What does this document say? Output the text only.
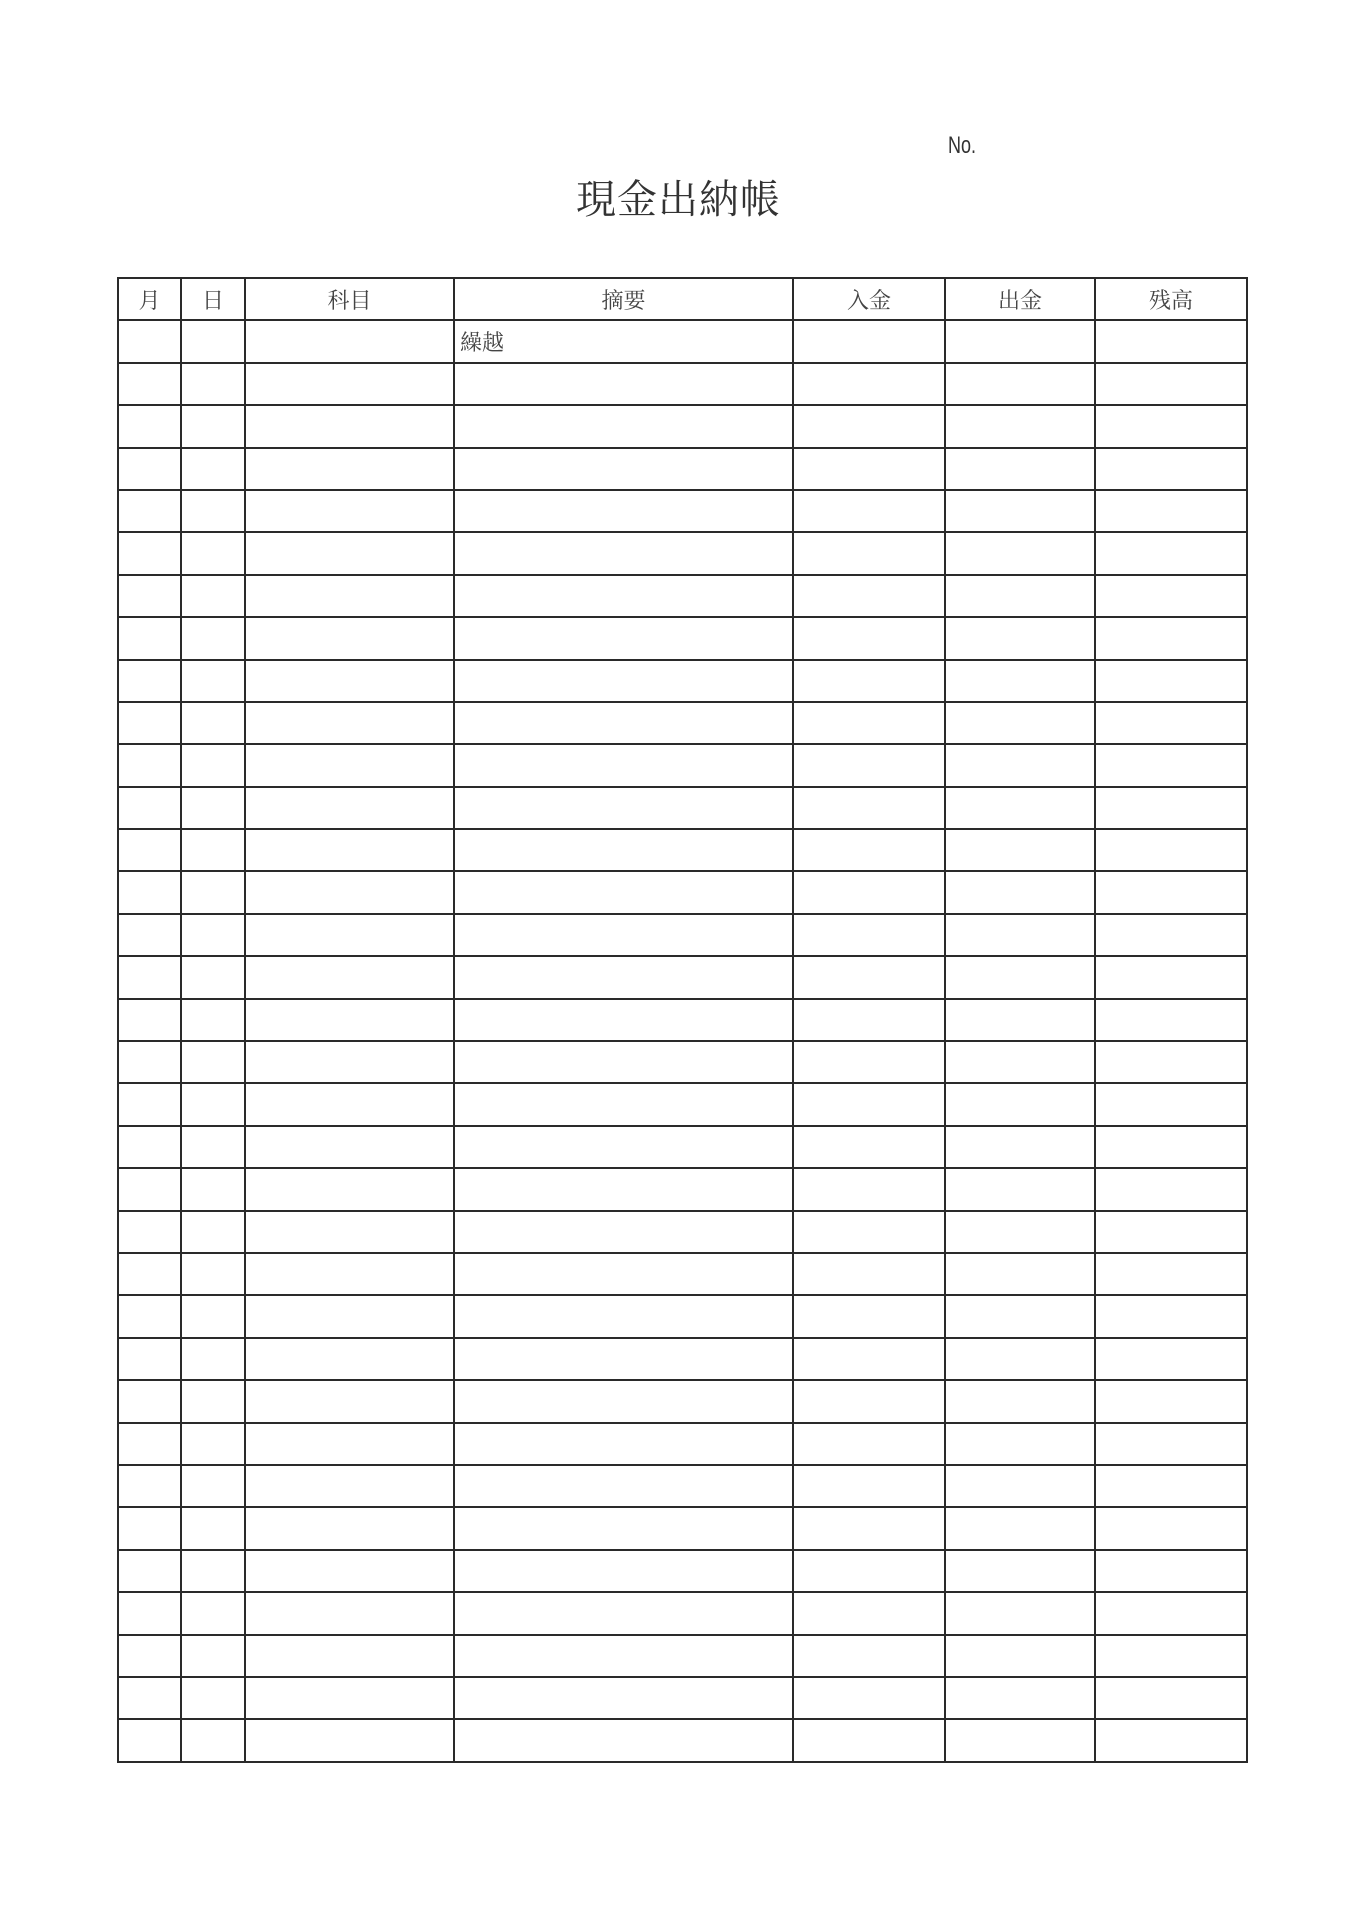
No.
現金出納帳
月	日	科目	摘要	入金	出金	残高
			繰越			
